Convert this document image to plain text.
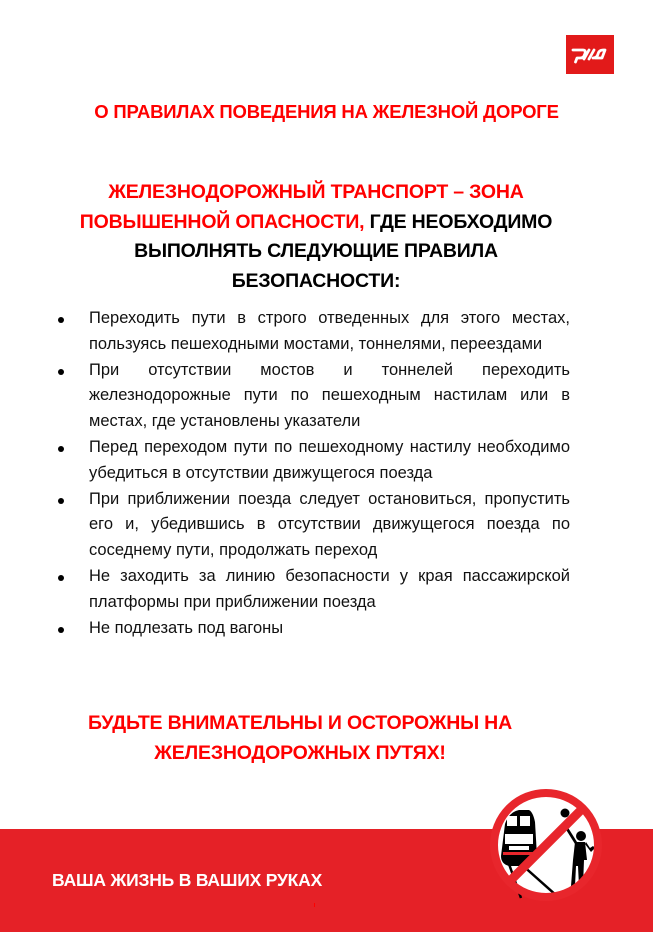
О ПРАВИЛАХ ПОВЕДЕНИЯ НА ЖЕЛЕЗНОЙ ДОРОГЕ
ЖЕЛЕЗНОДОРОЖНЫЙ ТРАНСПОРТ – ЗОНА ПОВЫШЕННОЙ ОПАСНОСТИ, ГДЕ НЕОБХОДИМО ВЫПОЛНЯТЬ СЛЕДУЮЩИЕ ПРАВИЛА БЕЗОПАСНОСТИ:
Переходить пути в строго отведенных для этого местах, пользуясь пешеходными мостами, тоннелями, переездами
При отсутствии мостов и тоннелей переходить железнодорожные пути по пешеходным настилам или в местах, где установлены указатели
Перед переходом пути по пешеходному настилу необходимо убедиться в отсутствии движущегося поезда
При приближении поезда следует остановиться, пропустить его и, убедившись в отсутствии движущегося поезда по соседнему пути, продолжать переход
Не заходить за линию безопасности у края пассажирской платформы при приближении поезда
Не подлезать под вагоны
БУДЬТЕ ВНИМАТЕЛЬНЫ И ОСТОРОЖНЫ НА ЖЕЛЕЗНОДОРОЖНЫХ ПУТЯХ!
ВАША ЖИЗНЬ В ВАШИХ РУКАХ
